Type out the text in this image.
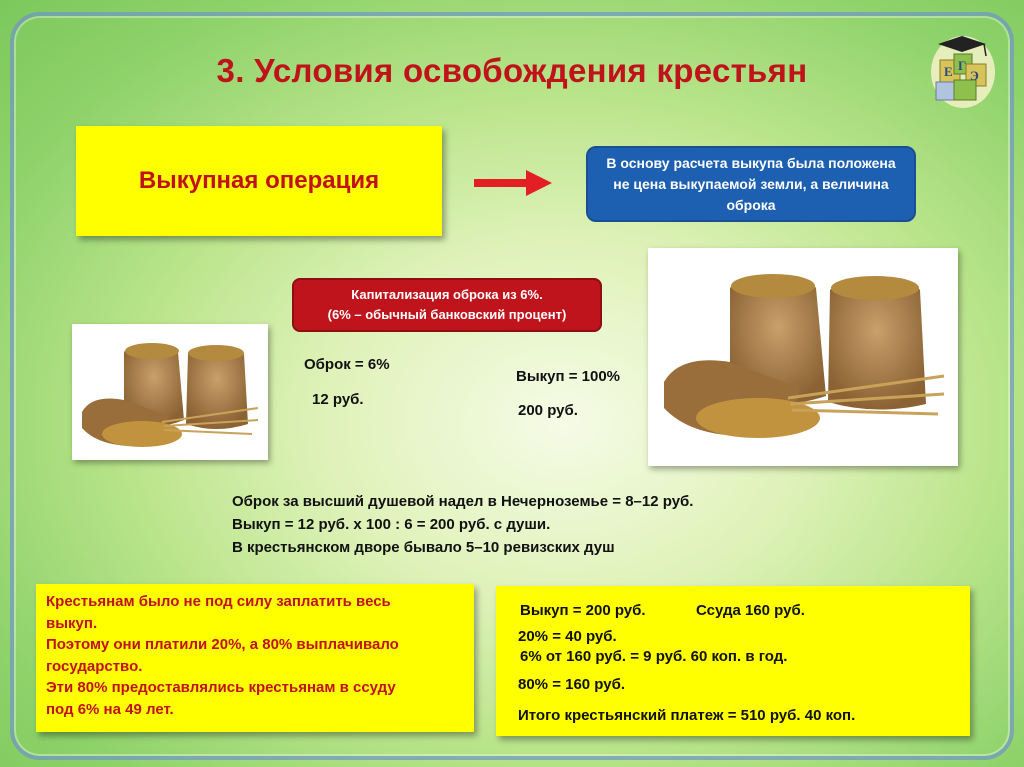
3. Условия освобождения крестьян	Е Г
Э
Выкупная операция
В основу расчета выкупа была положена не цена выкупаемой земли, а величина оброка
Капитализация оброка из 6%.
(6% – обычный банковский процент)
Оброк = 6%
12 руб.
Выкуп = 100%
200 руб.
Оброк за высший душевой надел в Нечерноземье = 8–12 руб.
Выкуп = 12 руб. х 100 : 6 = 200 руб. с души.
В крестьянском дворе бывало 5–10 ревизских душ
Крестьянам было не под силу заплатить весь
выкуп.
Поэтому они платили 20%, а 80% выплачивало
государство.
Эти 80% предоставлялись крестьянам в ссуду
под 6% на 49 лет.
Выкуп = 200 руб.	Ссуда 160 руб.
20% = 40 руб.
6% от 160 руб. = 9 руб. 60 коп. в год.
80% = 160 руб.
Итого крестьянский платеж = 510 руб. 40 коп.
